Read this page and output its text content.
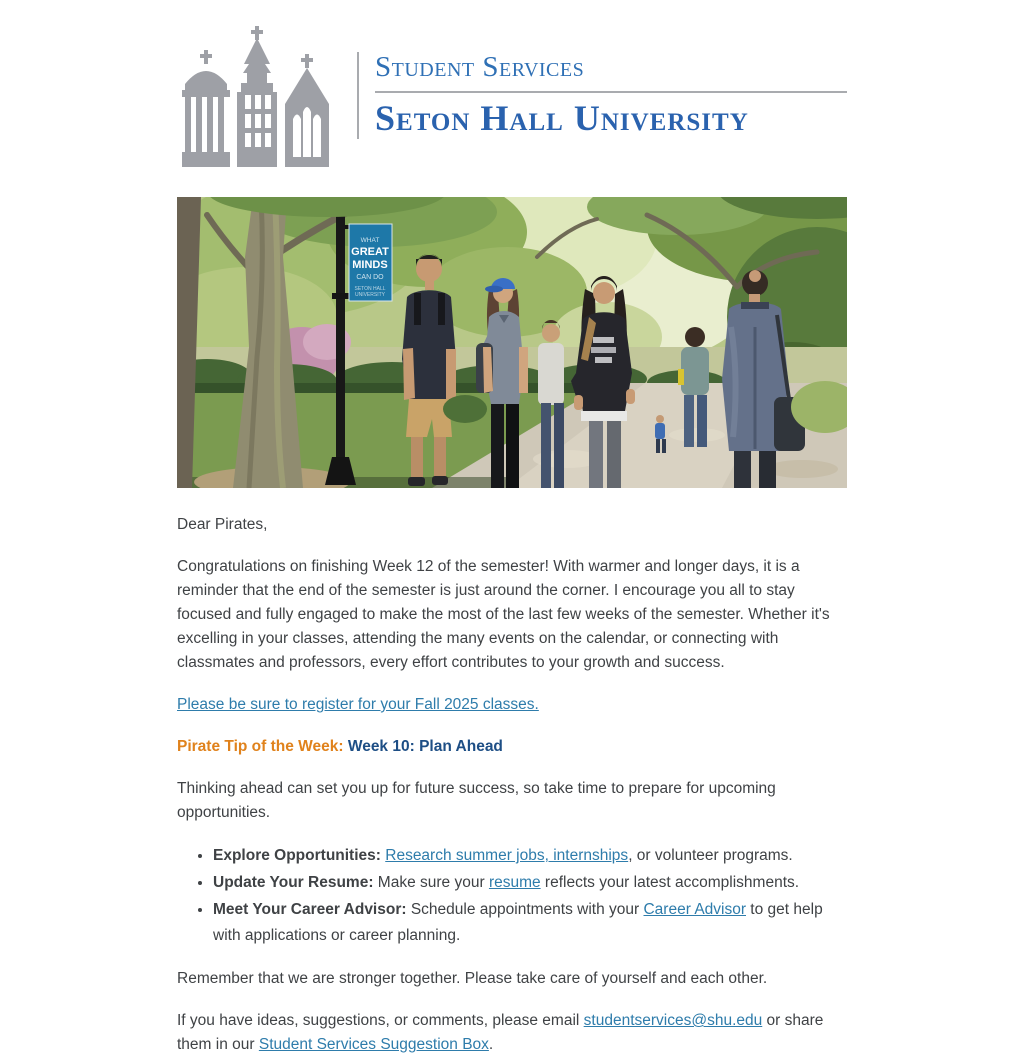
Student Services
Seton Hall University
WHAT
GREAT
MINDS
CAN DO
SETON HALL
UNIVERSITY

Dear Pirates,

Congratulations on finishing Week 12 of the semester! With warmer and longer days, it is a reminder that the end of the semester is just around the corner. I encourage you all to stay focused and fully engaged to make the most of the last few weeks of the semester. Whether it's excelling in your classes, attending the many events on the calendar, or connecting with classmates and professors, every effort contributes to your growth and success.

Please be sure to register for your Fall 2025 classes.

Pirate Tip of the Week: Week 10: Plan Ahead

Thinking ahead can set you up for future success, so take time to prepare for upcoming opportunities.

• Explore Opportunities: Research summer jobs, internships, or volunteer programs.
• Update Your Resume: Make sure your resume reflects your latest accomplishments.
• Meet Your Career Advisor: Schedule appointments with your Career Advisor to get help with applications or career planning.

Remember that we are stronger together. Please take care of yourself and each other.

If you have ideas, suggestions, or comments, please email studentservices@shu.edu or share them in our Student Services Suggestion Box.
